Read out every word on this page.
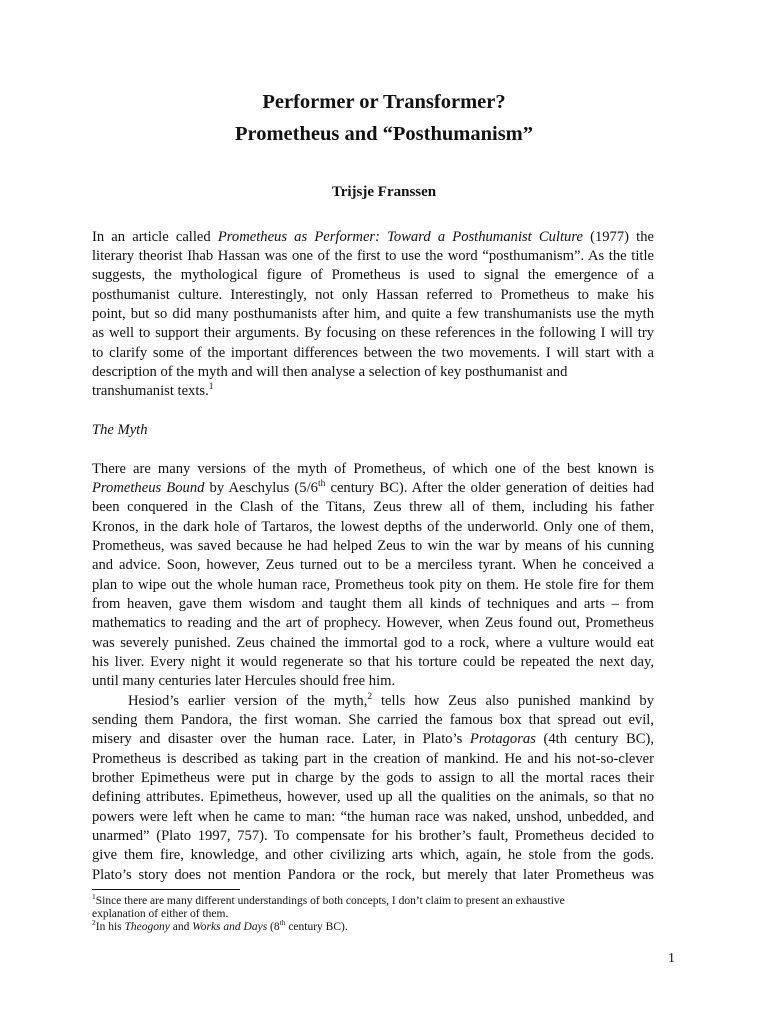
Performer or Transformer?
Prometheus and “Posthumanism”
Trijsje Franssen
In an article called Prometheus as Performer: Toward a Posthumanist Culture (1977) the
literary theorist Ihab Hassan was one of the first to use the word “posthumanism”. As the title
suggests, the mythological figure of Prometheus is used to signal the emergence of a
posthumanist culture. Interestingly, not only Hassan referred to Prometheus to make his
point, but so did many posthumanists after him, and quite a few transhumanists use the myth
as well to support their arguments. By focusing on these references in the following I will try
to clarify some of the important differences between the two movements. I will start with a
description of the myth and will then analyse a selection of key posthumanist and
transhumanist texts.$^1$
The Myth
There are many versions of the myth of Prometheus, of which one of the best known is
Prometheus Bound by Aeschylus (5/6th century BC). After the older generation of deities had
been conquered in the Clash of the Titans, Zeus threw all of them, including his father
Kronos, in the dark hole of Tartaros, the lowest depths of the underworld. Only one of them,
Prometheus, was saved because he had helped Zeus to win the war by means of his cunning
and advice. Soon, however, Zeus turned out to be a merciless tyrant. When he conceived a
plan to wipe out the whole human race, Prometheus took pity on them. He stole fire for them
from heaven, gave them wisdom and taught them all kinds of techniques and arts – from
mathematics to reading and the art of prophecy. However, when Zeus found out, Prometheus
was severely punished. Zeus chained the immortal god to a rock, where a vulture would eat
his liver. Every night it would regenerate so that his torture could be repeated the next day,
until many centuries later Hercules should free him.
Hesiod’s earlier version of the myth,$^2$ tells how Zeus also punished mankind by
sending them Pandora, the first woman. She carried the famous box that spread out evil,
misery and disaster over the human race. Later, in Plato’s Protagoras (4th century BC),
Prometheus is described as taking part in the creation of mankind. He and his not-so-clever
brother Epimetheus were put in charge by the gods to assign to all the mortal races their
defining attributes. Epimetheus, however, used up all the qualities on the animals, so that no
powers were left when he came to man: “the human race was naked, unshod, unbedded, and
unarmed” (Plato 1997, 757). To compensate for his brother’s fault, Prometheus decided to
give them fire, knowledge, and other civilizing arts which, again, he stole from the gods.
Plato’s story does not mention Pandora or the rock, but merely that later Prometheus was
$^1$Since there are many different understandings of both concepts, I don’t claim to present an exhaustive
explanation of either of them.
$^2$In his Theogony and Works and Days (8th century BC).
1
